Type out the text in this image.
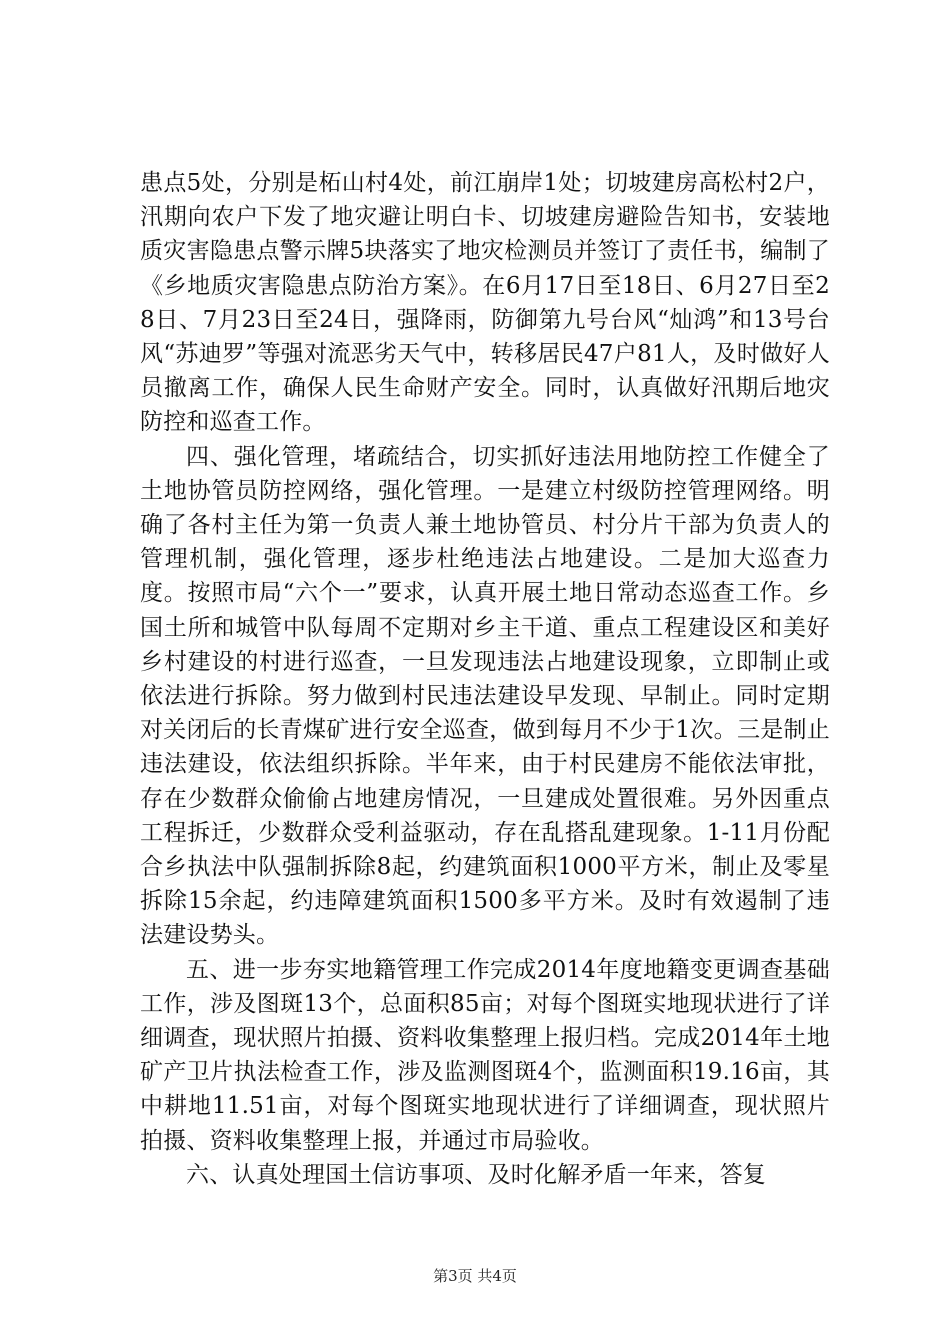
患点5处，分别是柘山村4处，前江崩岸1处；切坡建房高松村2户，汛期向农户下发了地灾避让明白卡、切坡建房避险告知书，安装地质灾害隐患点警示牌5块落实了地灾检测员并签订了责任书，编制了《乡地质灾害隐患点防治方案》。在6月17日至18日、6月27日至28日、7月23日至24日，强降雨，防御第九号台风“灿鸿”和13号台风“苏迪罗”等强对流恶劣天气中，转移居民47户81人，及时做好人员撤离工作，确保人民生命财产安全。同时，认真做好汛期后地灾防控和巡查工作。

四、强化管理，堵疏结合，切实抓好违法用地防控工作健全了土地协管员防控网络，强化管理。一是建立村级防控管理网络。明确了各村主任为第一负责人兼土地协管员、村分片干部为负责人的管理机制，强化管理，逐步杜绝违法占地建设。二是加大巡查力度。按照市局“六个一”要求，认真开展土地日常动态巡查工作。乡国土所和城管中队每周不定期对乡主干道、重点工程建设区和美好乡村建设的村进行巡查，一旦发现违法占地建设现象，立即制止或依法进行拆除。努力做到村民违法建设早发现、早制止。同时定期对关闭后的长青煤矿进行安全巡查，做到每月不少于1次。三是制止违法建设，依法组织拆除。半年来，由于村民建房不能依法审批，存在少数群众偷偷占地建房情况，一旦建成处置很难。另外因重点工程拆迁，少数群众受利益驱动，存在乱搭乱建现象。1-11月份配合乡执法中队强制拆除8起，约建筑面积1000平方米，制止及零星拆除15余起，约违障建筑面积1500多平方米。及时有效遏制了违法建设势头。

五、进一步夯实地籍管理工作完成2014年度地籍变更调查基础工作，涉及图斑13个，总面积85亩；对每个图斑实地现状进行了详细调查，现状照片拍摄、资料收集整理上报归档。完成2014年土地矿产卫片执法检查工作，涉及监测图斑4个，监测面积19.16亩，其中耕地11.51亩，对每个图斑实地现状进行了详细调查，现状照片拍摄、资料收集整理上报，并通过市局验收。

六、认真处理国土信访事项、及时化解矛盾一年来，答复

第3页 共4页
